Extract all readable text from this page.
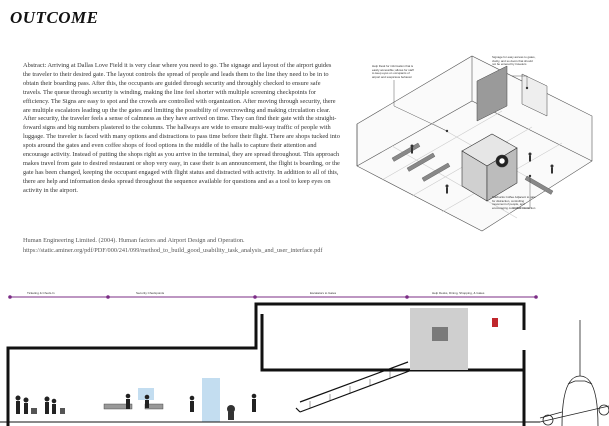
OUTCOME
Abstract: Arriving at Dallas Love Field it is very clear where you need to go. The signage and layout of the airport guides the traveler to their desired gate. The layout controls the spread of people and leads them to the line they need to be in to obtain their boarding pass. After this, the occupants are guided through security and throughly checked to ensure safe travels. The queue through security is winding, making the line feel shorter with multiple screening checkpoints for efficiency. The Signs are easy to spot and the crowds are controlled with organization. After moving through security, there are multiple escalators leading up the the gates and limiting the possibility of overcrowding and making circulation clear. After security, the traveler feels a sense of calmness as they have arrived on time. They can find their gate with the straight-foward signs and big numbers plastered to the columns. The hallways are wide to ensure multi-way traffic of people with luggage. The traveler is faced with many options and distractions to pass time before their flight. There are shops tucked into spots around the gates and even coffee shops of food options in the middle of the halls to capture their attention and encourage activity. Instead of putting the shops right as you arrive in the terminal, they are spread throughout. This approach makes travel from gate to desired restaurant or shop very easy, in case their is an announcement, the flight is boarding, or the gate has been changed, keeping the occupant engaged with flight status and distracted with activity. In addition to all of this, there are help and information desks spread throughout the sequence available for questions and as a tool to keep eyes on activity in the airport.
Human Engineering Limited. (2004). Human factors and Airport Design and Operation. https://static.aminer.org/pdf/PDF/000/241/099/method_to_build_good_usability_task_analysis_and_user_interface.pdf
Help Desk for information that is easily accessible; allows for staff to keep eyes on occupants of airport and suspicious behavior
Signage for easy access to gates, clarity, and so doors that should not be entered by travelers
Starbucks Coffee Adjacent to gate for distraction, controlling movement of people, and encouraging controlled interaction
Ticketing & Check-In	Security Checkpoints	Escalators to Gates	Help Desks, Dining, Shopping, & Gates
